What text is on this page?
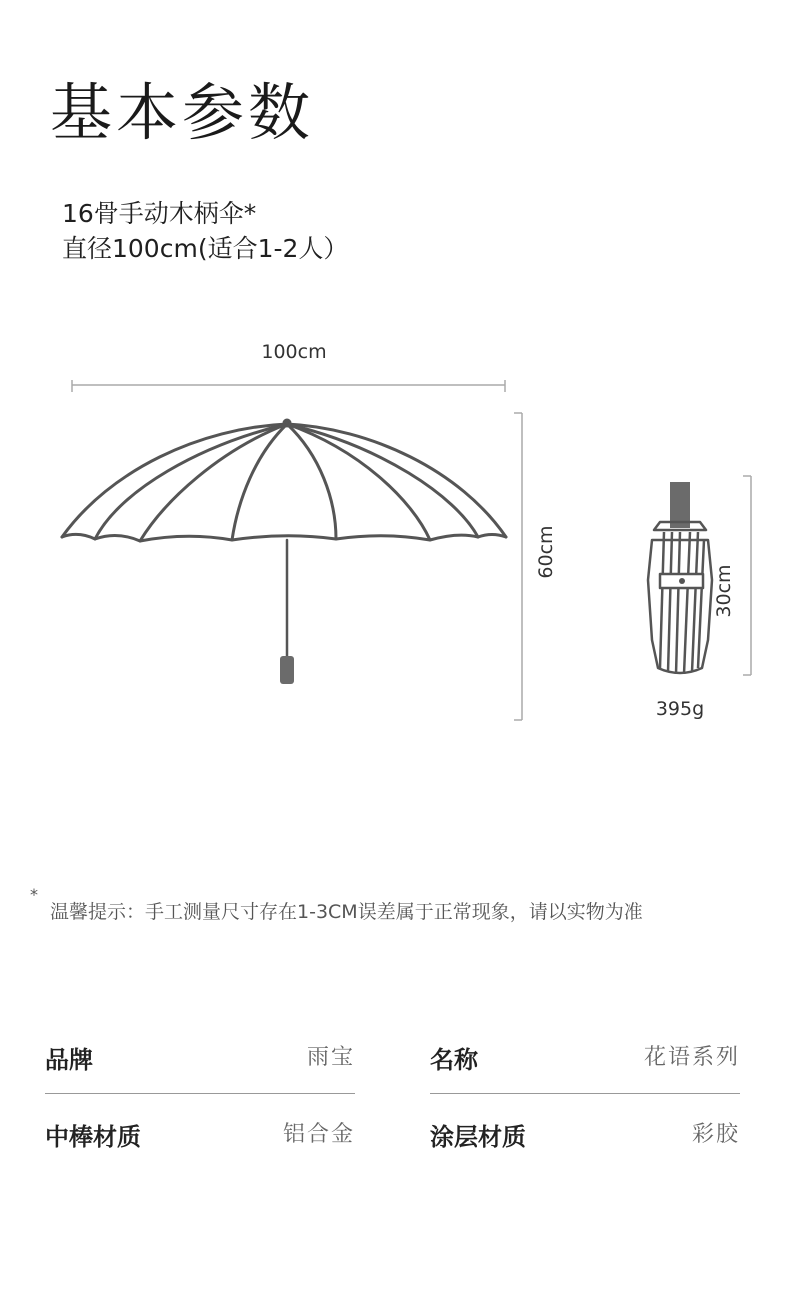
基本参数
16骨手动木柄伞*
直径100cm(适合1-2人）
100cm
60cm
30cm
395g
*
温馨提示：手工测量尺寸存在1-3CM误差属于正常现象，请以实物为准
品牌	雨宝	名称	花语系列
中棒材质	铝合金	涂层材质	彩胶
